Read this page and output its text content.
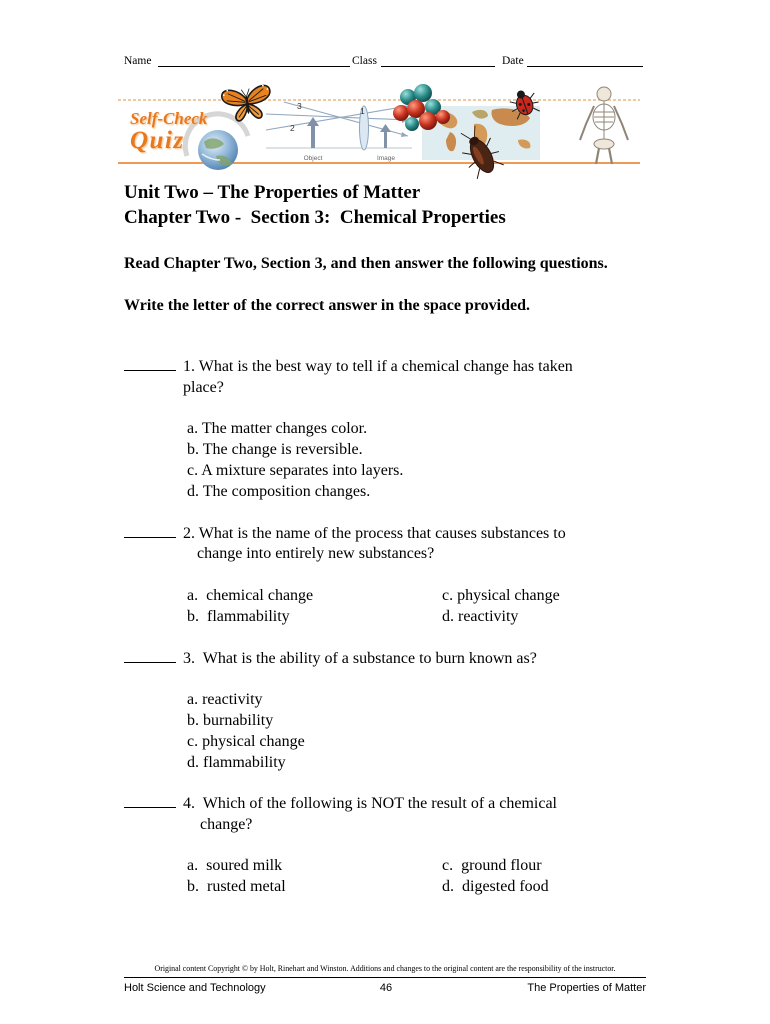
Name	Class	Date
3	1
2
Object	Image
Self-Check
Quiz
Unit Two – The Properties of Matter
Chapter Two -  Section 3:  Chemical Properties
Read Chapter Two, Section 3, and then answer the following questions.
Write the letter of the correct answer in the space provided.
1. What is the best way to tell if a chemical change has taken
place?
a. The matter changes color.
b. The change is reversible.
c. A mixture separates into layers.
d. The composition changes.
2. What is the name of the process that causes substances to
change into entirely new substances?
a.  chemical change
b.  flammability
c. physical change
d. reactivity
3.  What is the ability of a substance to burn known as?
a. reactivity
b. burnability
c. physical change
d. flammability
4.  Which of the following is NOT the result of a chemical
change?
a.  soured milk
b.  rusted metal
c.  ground flour
d.  digested food
Original content Copyright © by Holt, Rinehart and Winston. Additions and changes to the original content are the responsibility of the instructor.
Holt Science and Technology	46	The Properties of Matter
